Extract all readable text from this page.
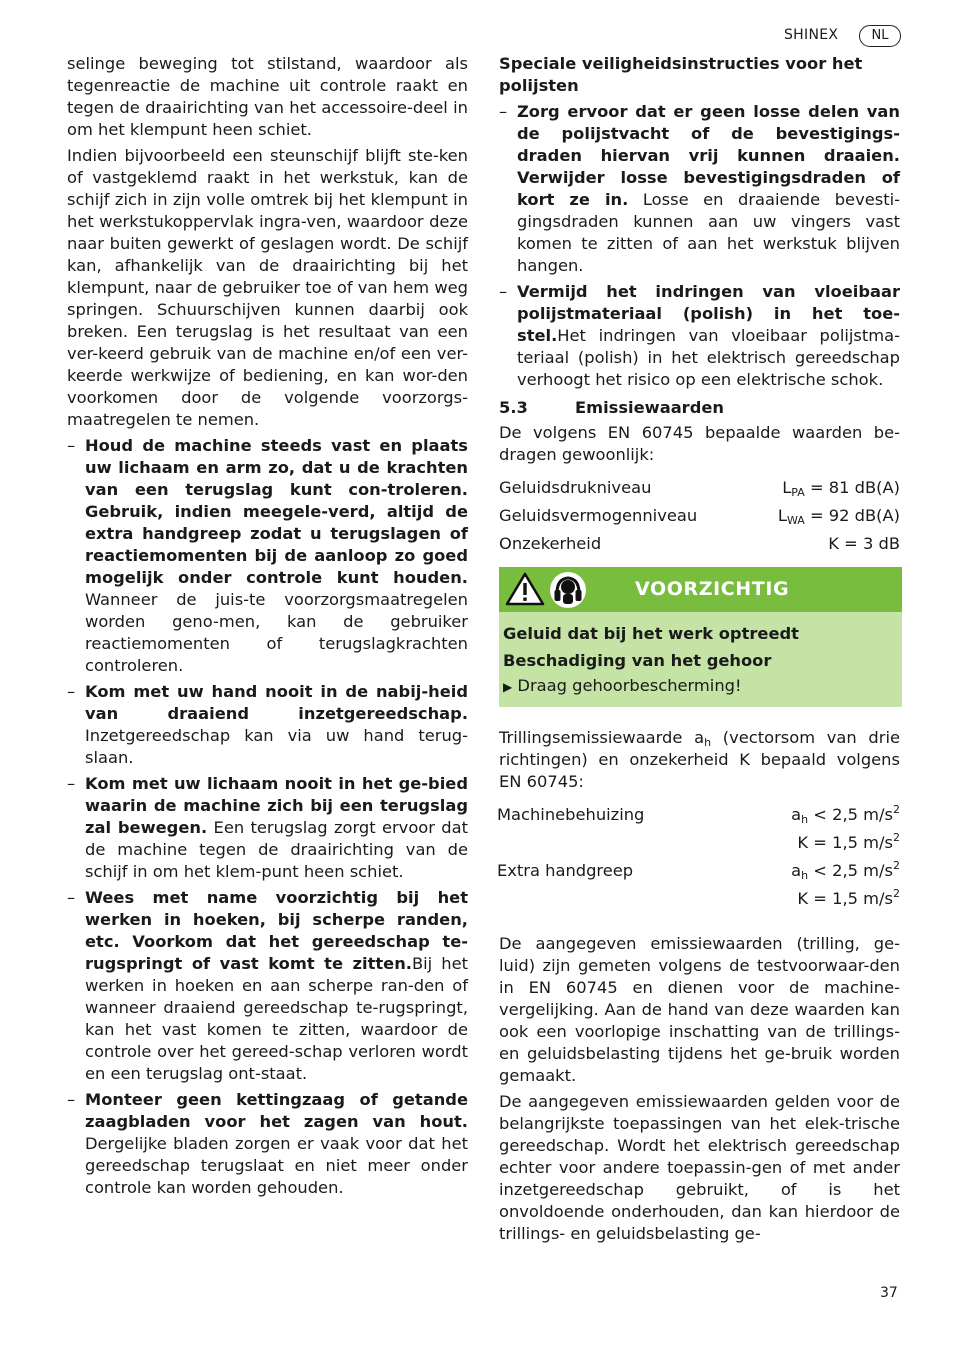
SHINEX	NL

selinge beweging tot stilstand, waardoor als tegenreactie de machine uit controle raakt en tegen de draairichting van het accessoire-deel in om het klempunt heen schiet.

Indien bijvoorbeeld een steunschijf blijft ste-ken of vastgeklemd raakt in het werkstuk, kan de schijf zich in zijn volle omtrek bij het klempunt in het werkstukoppervlak ingra-ven, waardoor deze naar buiten gewerkt of geslagen wordt. De schijf kan, afhankelijk van de draairichting bij het klempunt, naar de gebruiker toe of van hem weg springen. Schuurschijven kunnen daarbij ook breken. Een terugslag is het resultaat van een ver-keerd gebruik van de machine en/of een ver-keerde werkwijze of bediening, en kan wor-den voorkomen door de volgende voorzorgs-maatregelen te nemen.

– Houd de machine steeds vast en plaats uw lichaam en arm zo, dat u de krachten van een terugslag kunt con-troleren. Gebruik, indien meegele-verd, altijd de extra handgreep zodat u terugslagen of reactiemomenten bij de aanloop zo goed mogelijk onder controle kunt houden. Wanneer de juis-te voorzorgsmaatregelen worden geno-men, kan de gebruiker reactiemomenten of terugslagkrachten controleren.
– Kom met uw hand nooit in de nabij-heid van draaiend inzetgereedschap. Inzetgereedschap kan via uw hand terug-slaan.
– Kom met uw lichaam nooit in het ge-bied waarin de machine zich bij een terugslag zal bewegen. Een terugslag zorgt ervoor dat de machine tegen de draairichting van de schijf in om het klem-punt heen schiet.
– Wees met name voorzichtig bij het werken in hoeken, bij scherpe randen, etc. Voorkom dat het gereedschap te-rugspringt of vast komt te zitten.Bij het werken in hoeken en aan scherpe ran-den of wanneer draaiend gereedschap te-rugspringt, kan het vast komen te zitten, waardoor de controle over het gereed-schap verloren wordt en een terugslag ont-staat.
– Monteer geen kettingzaag of getande zaagbladen voor het zagen van hout. Dergelijke bladen zorgen er vaak voor dat het gereedschap terugslaat en niet meer onder controle kan worden gehouden.
Speciale veiligheidsinstructies voor het polijsten
– Zorg ervoor dat er geen losse delen van de polijstvacht of de bevestigings-draden hiervan vrij kunnen draaien. Verwijder losse bevestigingsdraden of kort ze in. Losse en draaiende bevesti-gingsdraden kunnen aan uw vingers vast komen te zitten of aan het werkstuk blijven hangen.
– Vermijd het indringen van vloeibaar polijstmateriaal (polish) in het toe-stel.Het indringen van vloeibaar polijstma-teriaal (polish) in het elektrisch gereedschap verhoogt het risico op een elektrische schok.
5.3	Emissiewaarden

De volgens EN 60745 bepaalde waarden be-dragen gewoonlijk:

Geluidsdrukniveau	$L_{PA} = 81$ dB(A)
Geluidsvermogenniveau	$L_{WA} = 92$ dB(A)
Onzekerheid	K = 3 dB
VOORZICHTIG
Geluid dat bij het werk optreedt
Beschadiging van het gehoor
▶ Draag gehoorbescherming!

Trillingsemissiewaarde $a_h$ (vectorsom van drie richtingen) en onzekerheid K bepaald volgens EN 60745:

Machinebehuizing	$a_h < 2,5$ $m/s^2$
K = 1,5 $m/s^2$
Extra handgreep	$a_h < 2,5$ $m/s^2$
K = 1,5 $m/s^2$

De aangegeven emissiewaarden (trilling, ge-luid) zijn gemeten volgens de testvoorwaar-den in EN 60745 en dienen voor de machine-vergelijking. Aan de hand van deze waarden kan ook een voorlopige inschatting van de trillings- en geluidsbelasting tijdens het ge-bruik worden gemaakt.

De aangegeven emissiewaarden gelden voor de belangrijkste toepassingen van het elek-trische gereedschap. Wordt het elektrisch gereedschap echter voor andere toepassin-gen of met ander inzetgereedschap gebruikt, of is het onvoldoende onderhouden, dan kan hierdoor de trillings- en geluidsbelasting ge-

37
